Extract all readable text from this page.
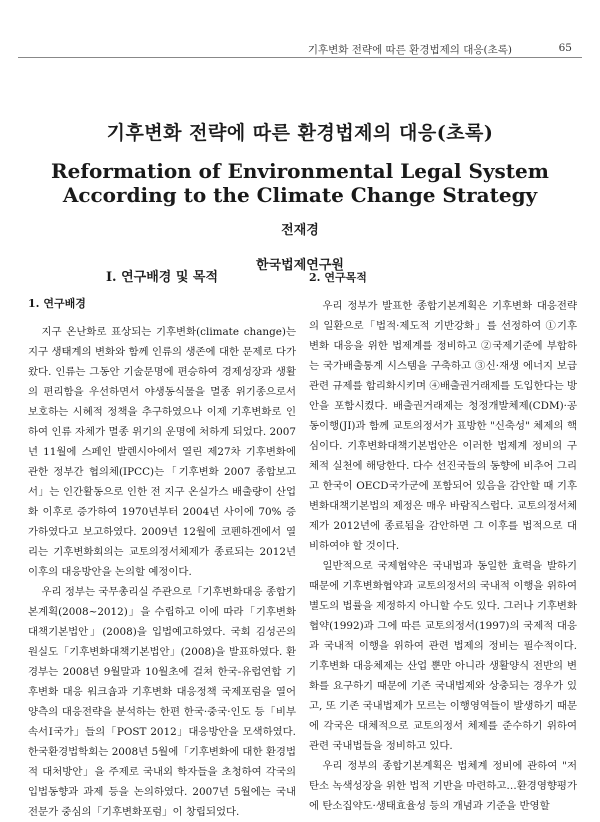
기후변화 전략에 따른 환경법제의 대응(초록)	65

기후변화 전략에 따른 환경법제의 대응(초록)
Reformation of Environmental Legal System According to the Climate Change Strategy
전재경
한국법제연구원
Ⅰ. 연구배경 및 목적
1. 연구배경

지구 온난화로 표상되는 기후변화(climate change)는 지구 생태계의 변화와 함께 인류의 생존에 대한 문제로 다가왔다. 인류는 그동안 기술문명에 편승하여 경제성장과 생활의 편리함을 우선하면서 야생동식물을 멸종 위기종으로서 보호하는 시혜적 정책을 추구하였으나 이제 기후변화로 인하여 인류 자체가 멸종 위기의 운명에 처하게 되었다. 2007년 11월에 스페인 발렌시아에서 열린 제27차 기후변화에 관한 정부간 협의체(IPCC)는「기후변화 2007 종합보고서」는 인간활동으로 인한 전 지구 온실가스 배출량이 산업화 이후로 증가하여 1970년부터 2004년 사이에 70% 증가하였다고 보고하였다. 2009년 12월에 코펜하겐에서 열리는 기후변화회의는 교토의정서체제가 종료되는 2012년 이후의 대응방안을 논의할 예정이다.

우리 정부는 국무총리실 주관으로「기후변화대응 종합기본계획(2008~2012)」을 수립하고 이에 따라「기후변화대책기본법안」(2008)을 입법예고하였다. 국회 김성곤의원실도「기후변화대책기본법안」(2008)을 발표하였다. 환경부는 2008년 9월말과 10월초에 걸쳐 한국-유럽연합 기후변화 대응 워크숍과 기후변화 대응정책 국제포럼을 열어 양측의 대응전략을 분석하는 한편 한국·중국·인도 등「비부속서Ⅰ국가」들의「POST 2012」대응방안을 모색하였다. 한국환경법학회는 2008년 5월에「기후변화에 대한 환경법적 대처방안」을 주제로 국내외 학자들을 초청하여 각국의 입법동향과 과제 등을 논의하였다. 2007년 5월에는 국내 전문가 중심의「기후변화포럼」이 창립되었다.

2. 연구목적

우리 정부가 발표한 종합기본계획은 기후변화 대응전략의 일환으로「법적·제도적 기반강화」를 선정하여 ①기후변화 대응을 위한 법제계를 정비하고 ②국제기준에 부합하는 국가배출통계 시스템을 구축하고 ③신·재생 에너지 보급관련 규제를 합리화시키며 ④배출권거래제를 도입한다는 방안을 포함시켰다. 배출권거래제는 청정개발체제(CDM)·공동이행(JI)과 함께 교토의정서가 표방한 "신축성" 체제의 핵심이다. 기후변화대책기본법안은 이러한 법제계 정비의 구체적 실천에 해당한다. 다수 선진국들의 동향에 비추어 그리고 한국이 OECD국가군에 포함되어 있음을 감안할 때 기후변화대책기본법의 제정은 매우 바람직스럽다. 교토의정서체제가 2012년에 종료됨을 감안하면 그 이후를 법적으로 대비하여야 할 것이다.

일반적으로 국제협약은 국내법과 동일한 효력을 발하기 때문에 기후변화협약과 교토의정서의 국내적 이행을 위하여 별도의 법률을 제정하지 아니할 수도 있다. 그러나 기후변화협약(1992)과 그에 따른 교토의정서(1997)의 국제적 대응과 국내적 이행을 위하여 관련 법제의 정비는 필수적이다. 기후변화 대응체제는 산업 뿐만 아니라 생활양식 전반의 변화를 요구하기 때문에 기존 국내법제와 상충되는 경우가 있고, 또 기존 국내법제가 모르는 이행영역들이 발생하기 때문에 각국은 대체적으로 교토의정서 체제를 준수하기 위하여 관련 국내법들을 정비하고 있다.

우리 정부의 종합기본계획은 법체계 정비에 관하여 "저탄소 녹색성장을 위한 법적 기반을 마련하고…환경영향평가에 탄소집약도·생태효율성 등의 개념과 기준을 반영할
